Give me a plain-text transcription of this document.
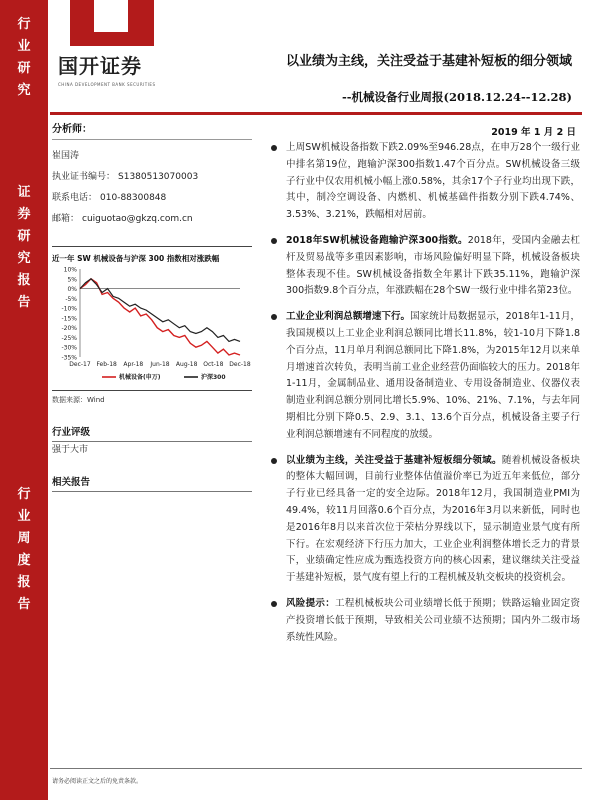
行
业
研
究
证
券
研
究
报
告
行
业
周
度
报
告
国开证券
CHINA DEVELOPMENT BANK SECURITIES
以业绩为主线，关注受益于基建补短板的细分领域
--机械设备行业周报(2018.12.24--12.28)
分析师：
崔国涛
执业证书编号： S1380513070003
联系电话： 010-88300848
邮箱： cuiguotao@gkzq.com.cn
近一年 SW 机械设备与沪深 300 指数相对涨跌幅
10%
5%
0%
-5%
-10%
-15%
-20%
-25%
-30%
-35%
Dec-17 Feb-18 Apr-18 Jun-18 Aug-18 Oct-18 Dec-18
机械设备(申万)	沪深300
数据来源：Wind
行业评级
强于大市
相关报告
2019 年 1 月 2 日
上周SW机械设备指数下跌2.09%至946.28点，在申万28个一级行业中排名第19位，跑输沪深300指数1.47个百分点。SW机械设备三级子行业中仅农用机械小幅上涨0.58%，其余17个子行业均出现下跌，其中，制冷空调设备、内燃机、机械基础件指数分别下跌4.74%、3.53%、3.21%，跌幅相对居前。
2018年SW机械设备跑输沪深300指数。2018年，受国内金融去杠杆及贸易战等多重因素影响，市场风险偏好明显下降，机械设备板块整体表现不佳。SW机械设备指数全年累计下跌35.11%，跑输沪深300指数9.8个百分点，年涨跌幅在28个SW一级行业中排名第23位。
工业企业利润总额增速下行。国家统计局数据显示，2018年1-11月，我国规模以上工业企业利润总额同比增长11.8%，较1-10月下降1.8个百分点，11月单月利润总额同比下降1.8%，为2015年12月以来单月增速首次转负，表明当前工业企业经营仍面临较大的压力。2018年1-11月，金属制品业、通用设备制造业、专用设备制造业、仪器仪表制造业利润总额分别同比增长5.9%、10%、21%、7.1%，与去年同期相比分别下降0.5、2.9、3.1、13.6个百分点，机械设备主要子行业利润总额增速有不同程度的放缓。
以业绩为主线，关注受益于基建补短板细分领域。随着机械设备板块的整体大幅回调，目前行业整体估值溢价率已为近五年来低位，部分子行业已经具备一定的安全边际。2018年12月，我国制造业PMI为49.4%，较11月回落0.6个百分点，为2016年3月以来新低，同时也是2016年8月以来首次位于荣枯分界线以下，显示制造业景气度有所下行。在宏观经济下行压力加大，工业企业利润整体增长乏力的背景下，业绩确定性应成为甄选投资方向的核心因素，建议继续关注受益于基建补短板，景气度有望上行的工程机械及轨交板块的投资机会。
风险提示：工程机械板块公司业绩增长低于预期；铁路运输业固定资产投资增长低于预期，导致相关公司业绩不达预期；国内外二级市场系统性风险。
请务必阅读正文之后的免责条款。
